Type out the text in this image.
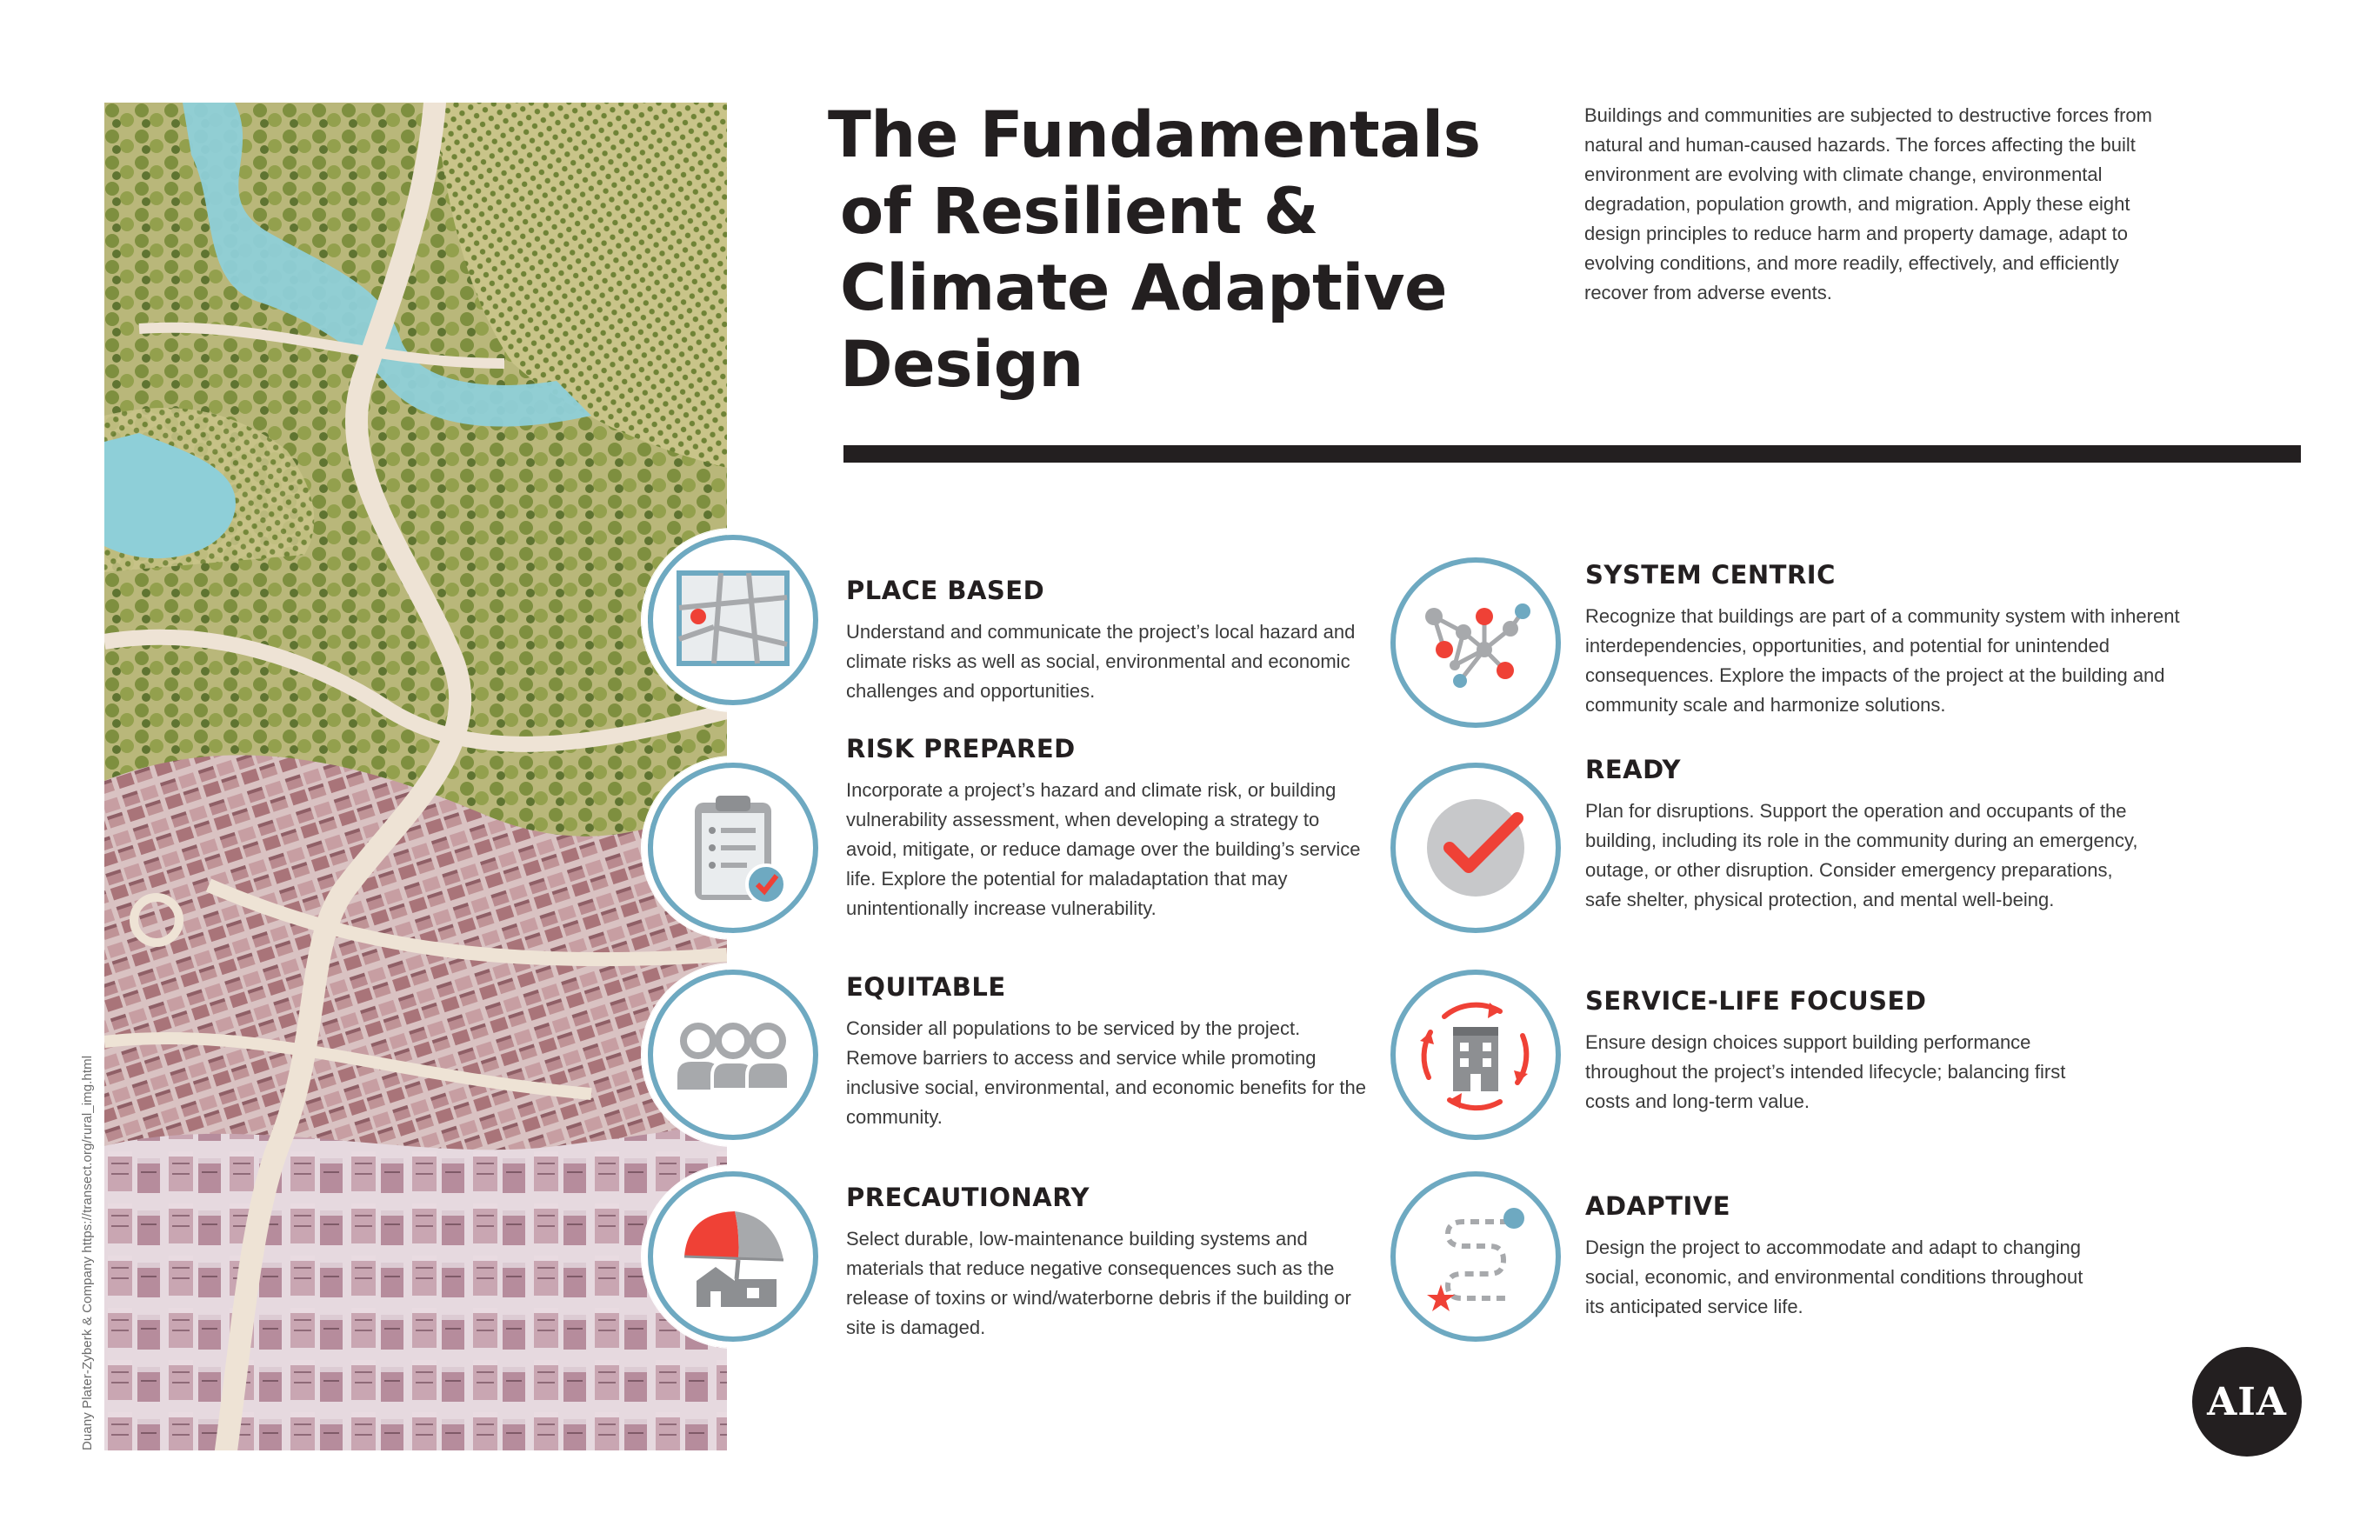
Duany Plater-Zyberk & Company https://transect.org/rural_img.html
The Fundamentals
of Resilient &
Climate Adaptive
Design

Buildings and communities are subjected to destructive forces from natural and human-caused hazards. The forces affecting the built environment are evolving with climate change, environmental degradation, population growth, and migration. Apply these eight design principles to reduce harm and property damage, adapt to evolving conditions, and more readily, effectively, and efficiently recover from adverse events.

PLACE BASED

Understand and communicate the project’s local hazard and climate risks as well as social, environmental and economic challenges and opportunities.

RISK PREPARED

Incorporate a project’s hazard and climate risk, or building vulnerability assessment, when developing a strategy to avoid, mitigate, or reduce damage over the building’s service life. Explore the potential for maladaptation that may unintentionally increase vulnerability.

EQUITABLE

Consider all populations to be serviced by the project. Remove barriers to access and service while promoting inclusive social, environmental, and economic benefits for the community.

PRECAUTIONARY

Select durable, low-maintenance building systems and materials that reduce negative consequences such as the release of toxins or wind/waterborne debris if the building or site is damaged.

SYSTEM CENTRIC

Recognize that buildings are part of a community system with inherent interdependencies, opportunities, and potential for unintended consequences. Explore the impacts of the project at the building and community scale and harmonize solutions.

READY

Plan for disruptions. Support the operation and occupants of the building, including its role in the community during an emergency, outage, or other disruption. Consider emergency preparations, safe shelter, physical protection, and mental well-being.

SERVICE-LIFE FOCUSED

Ensure design choices support building performance throughout the project’s intended lifecycle; balancing first costs and long-term value.

ADAPTIVE

Design the project to accommodate and adapt to changing social, economic, and environmental conditions throughout its anticipated service life.

AIA
